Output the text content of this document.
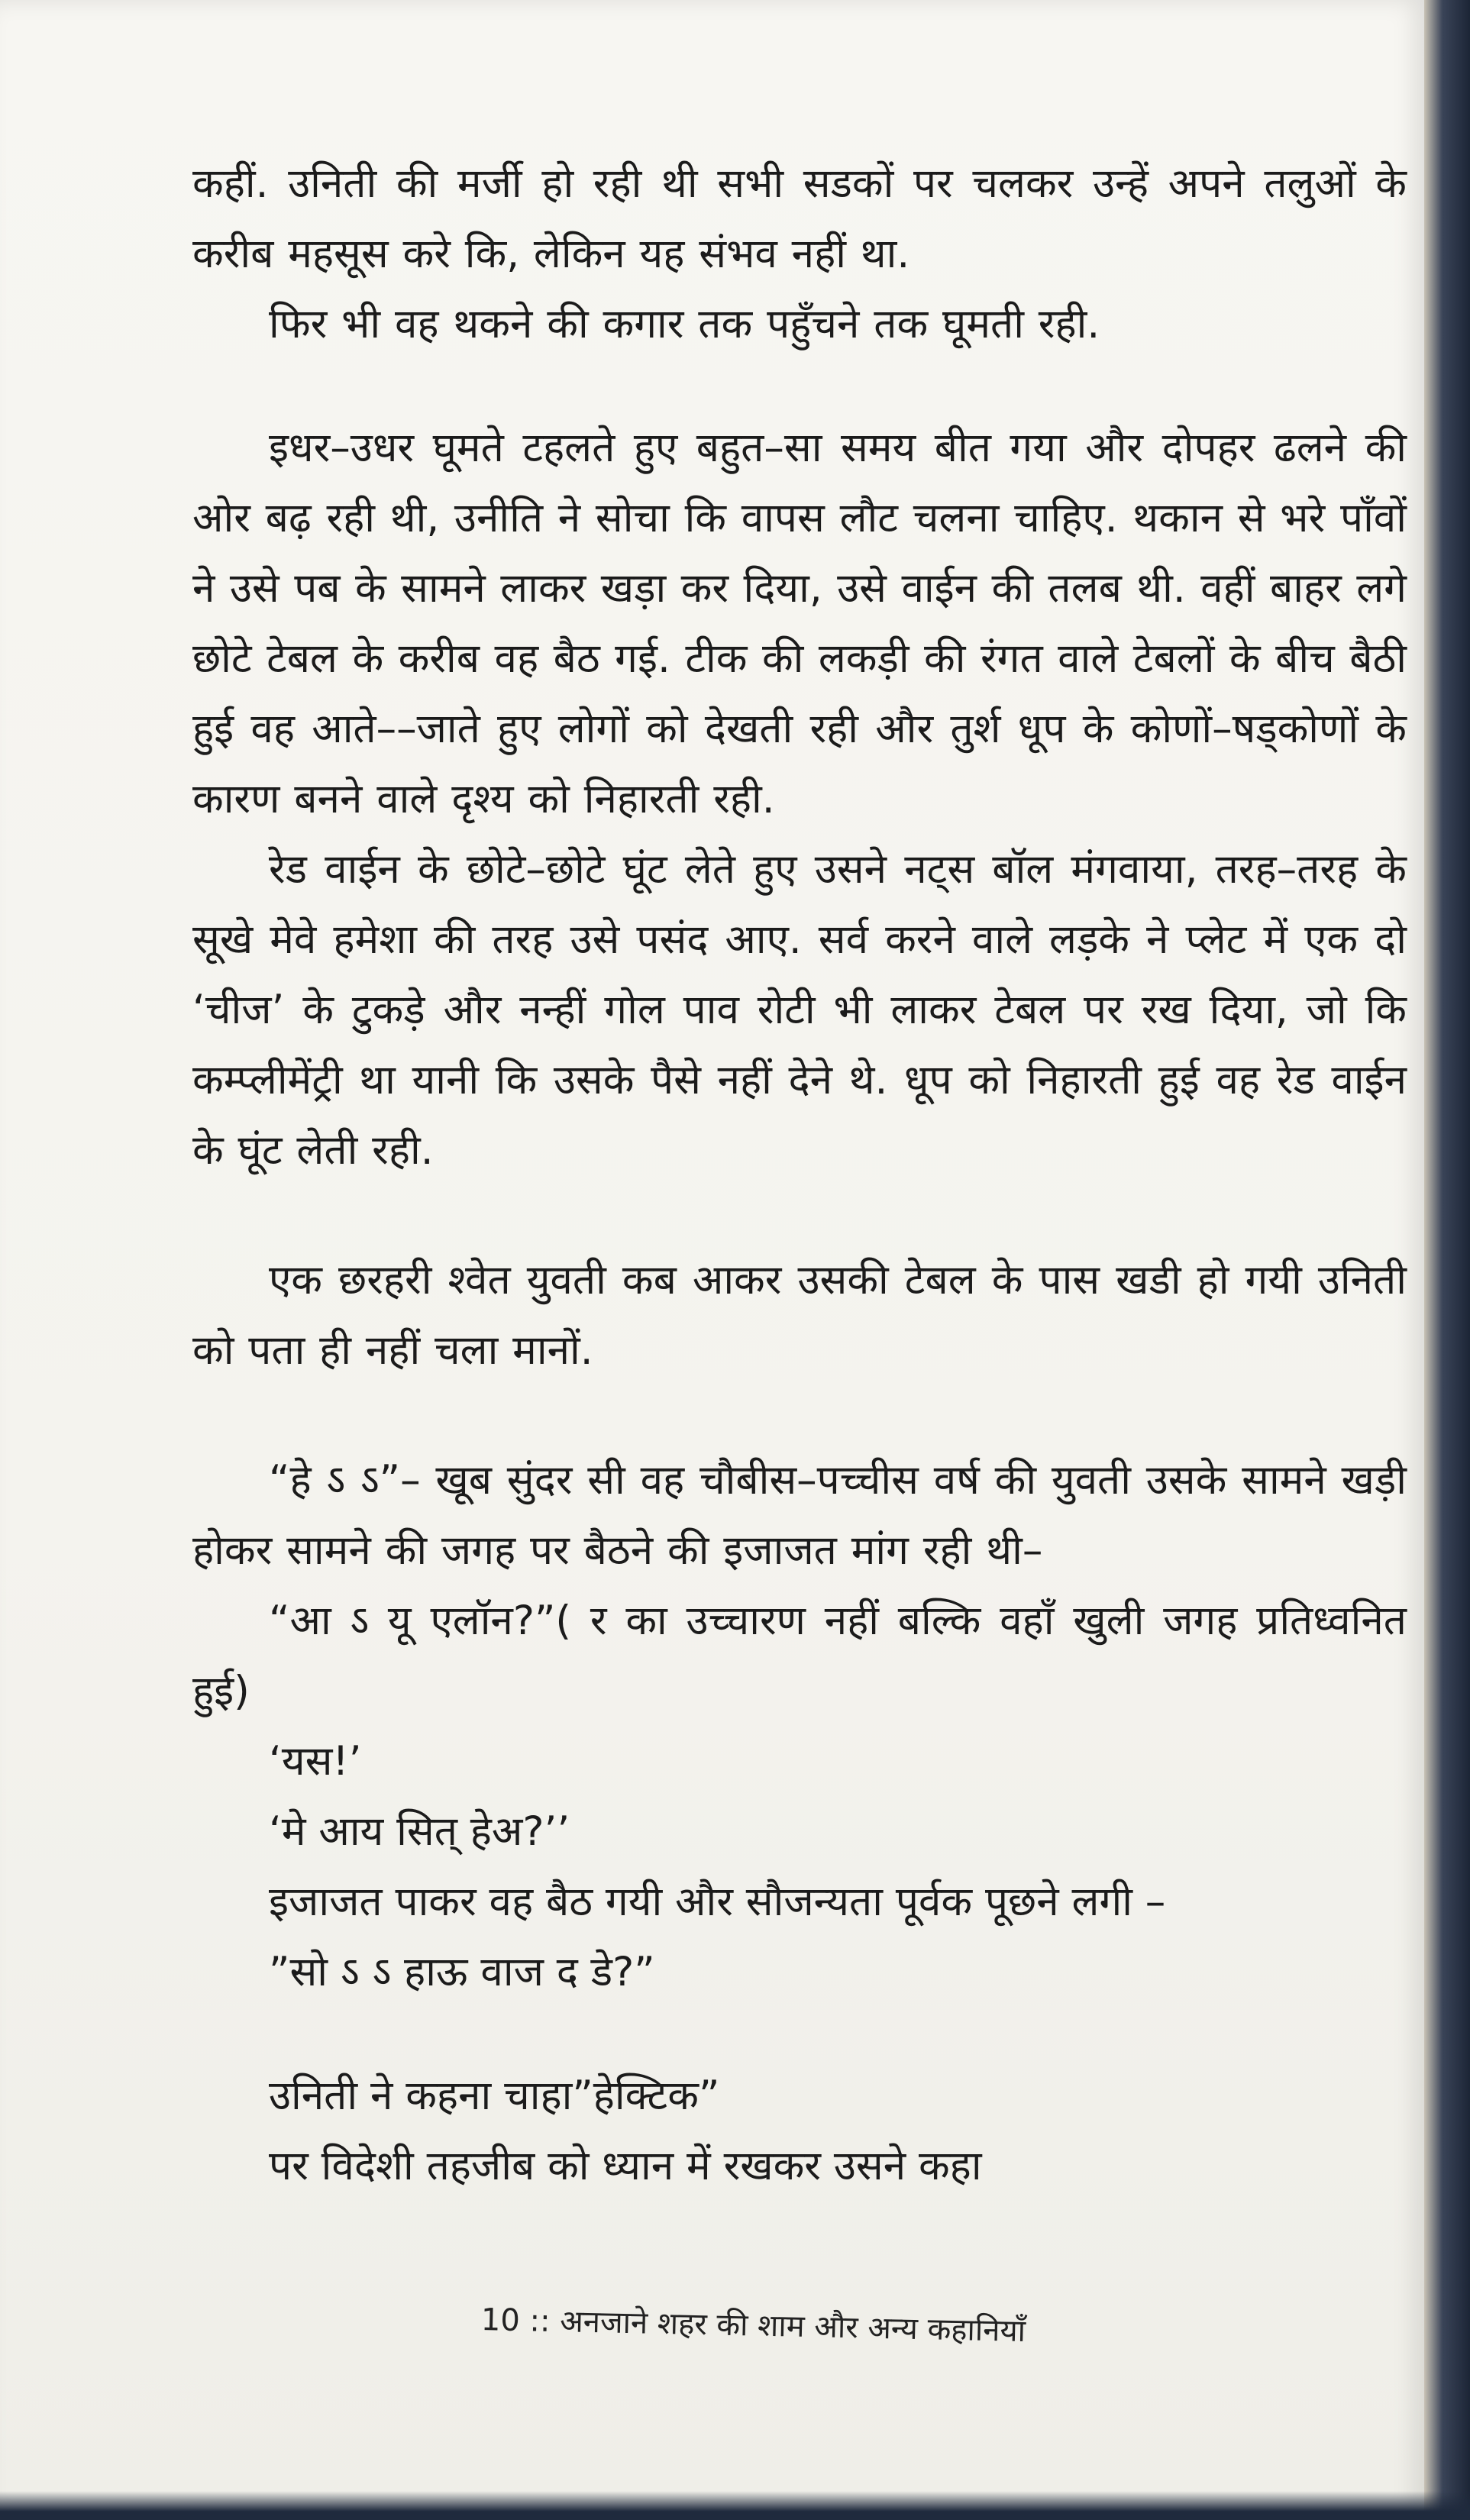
कहीं. उनिती की मर्जी हो रही थी सभी सडकों पर चलकर उन्हें अपने तलुओं के करीब महसूस करे कि, लेकिन यह संभव नहीं था.

फिर भी वह थकने की कगार तक पहुँचने तक घूमती रही.

इधर–उधर घूमते टहलते हुए बहुत–सा समय बीत गया और दोपहर ढलने की ओर बढ़ रही थी, उनीति ने सोचा कि वापस लौट चलना चाहिए. थकान से भरे पाँवों ने उसे पब के सामने लाकर खड़ा कर दिया, उसे वाईन की तलब थी. वहीं बाहर लगे छोटे टेबल के करीब वह बैठ गई. टीक की लकड़ी की रंगत वाले टेबलों के बीच बैठी हुई वह आते––जाते हुए लोगों को देखती रही और तुर्श धूप के कोणों–षड्कोणों के कारण बनने वाले दृश्य को निहारती रही.

रेड वाईन के छोटे–छोटे घूंट लेते हुए उसने नट्स बॉल मंगवाया, तरह–तरह के सूखे मेवे हमेशा की तरह उसे पसंद आए. सर्व करने वाले लड़के ने प्लेट में एक दो ‘चीज’ के टुकड़े और नन्हीं गोल पाव रोटी भी लाकर टेबल पर रख दिया, जो कि कम्प्लीमेंट्री था यानी कि उसके पैसे नहीं देने थे. धूप को निहारती हुई वह रेड वाईन के घूंट लेती रही.

एक छरहरी श्वेत युवती कब आकर उसकी टेबल के पास खडी हो गयी उनिती को पता ही नहीं चला मानों.

“हे ऽ ऽ”– खूब सुंदर सी वह चौबीस–पच्चीस वर्ष की युवती उसके सामने खड़ी होकर सामने की जगह पर बैठने की इजाजत मांग रही थी–

“आ ऽ यू एलॉन?”( र का उच्चारण नहीं बल्कि वहाँ खुली जगह प्रतिध्वनित हुई)

‘यस!’
‘मे आय सित् हेअ?’’
इजाजत पाकर वह बैठ गयी और सौजन्यता पूर्वक पूछने लगी –
”सो ऽ ऽ हाऊ वाज द डे?”
उनिती ने कहना चाहा”हेक्टिक”
पर विदेशी तहजीब को ध्यान में रखकर उसने कहा
10 :: अनजाने शहर की शाम और अन्य कहानियाँ
